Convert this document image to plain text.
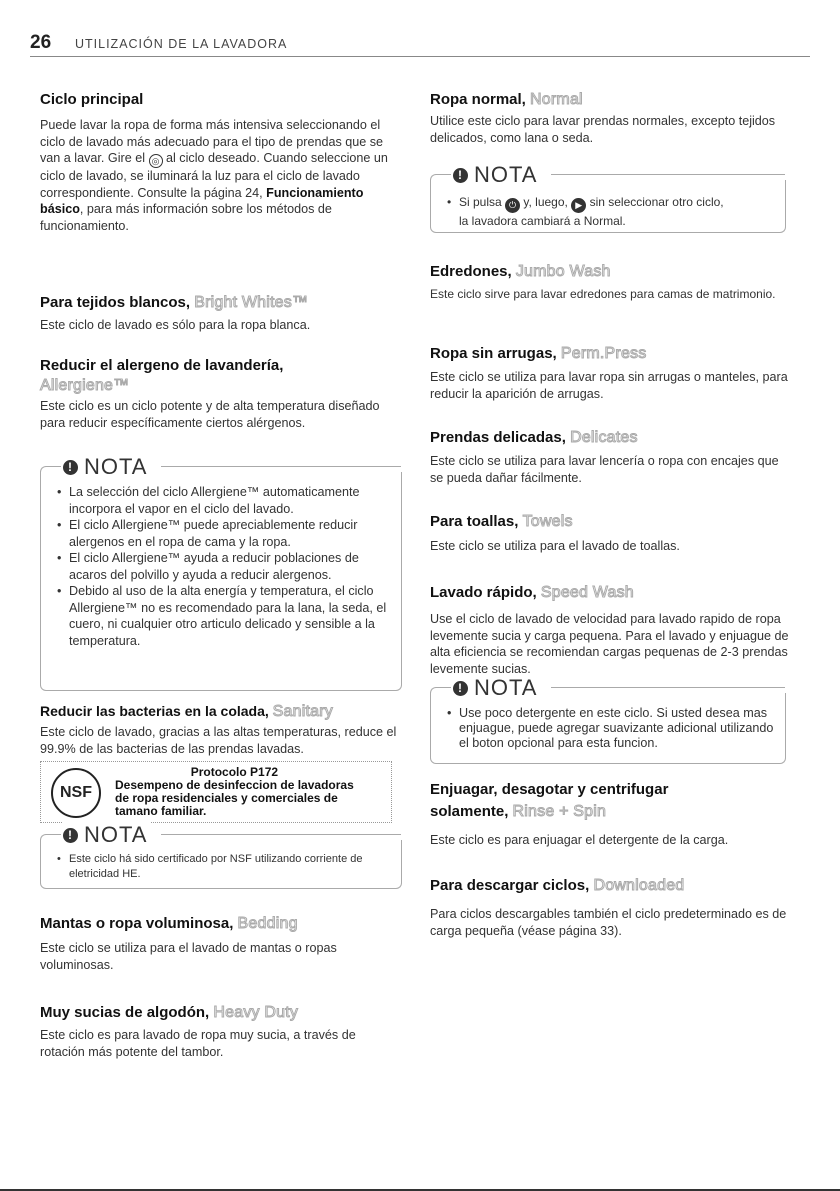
26 UTILIZACIÓN DE LA LAVADORA
Ciclo principal

Puede lavar la ropa de forma más intensiva seleccionando el ciclo de lavado más adecuado para el tipo de prendas que se van a lavar. Gire el ◎ al ciclo deseado. Cuando seleccione un ciclo de lavado, se iluminará la luz para el ciclo de lavado correspondiente. Consulte la página 24, Funcionamiento básico, para más información sobre los métodos de funcionamiento.

Para tejidos blancos, Bright Whites™

Este ciclo de lavado es sólo para la ropa blanca.

Reducir el alergeno de lavandería,
Allergiene™

Este ciclo es un ciclo potente y de alta temperatura diseñado para reducir específicamente ciertos alérgenos.

! NOTA
• La selección del ciclo Allergiene™ automaticamente incorpora el vapor en el ciclo del lavado.
• El ciclo Allergiene™ puede apreciablemente reducir alergenos en el ropa de cama y la ropa.
• El ciclo Allergiene™ ayuda a reducir poblaciones de acaros del polvillo y ayuda a reducir alergenos.
• Debido al uso de la alta energía y temperatura, el ciclo Allergiene™ no es recomendado para la lana, la seda, el cuero, ni cualquier otro articulo delicado y sensible a la temperatura.
Reducir las bacterias en la colada, Sanitary

Este ciclo de lavado, gracias a las altas temperaturas, reduce el 99.9% de las bacterias de las prendas lavadas.

NSF
Protocolo P172
Desempeno de desinfeccion de lavadoras
de ropa residenciales y comerciales de
tamano familiar.
! NOTA
• Este ciclo há sido certificado por NSF utilizando corriente de eletricidad HE.
Mantas o ropa voluminosa, Bedding

Este ciclo se utiliza para el lavado de mantas o ropas voluminosas.

Muy sucias de algodón, Heavy Duty

Este ciclo es para lavado de ropa muy sucia, a través de rotación más potente del tambor.

Ropa normal, Normal

Utilice este ciclo para lavar prendas normales, excepto tejidos delicados, como lana o seda.

! NOTA
• Si pulsa ⏻ y, luego, ▶ sin seleccionar otro ciclo,
la lavadora cambiará a Normal.
Edredones, Jumbo Wash

Este ciclo sirve para lavar edredones para camas de matrimonio.

Ropa sin arrugas, Perm.Press

Este ciclo se utiliza para lavar ropa sin arrugas o manteles, para reducir la aparición de arrugas.

Prendas delicadas, Delicates

Este ciclo se utiliza para lavar lencería o ropa con encajes que se pueda dañar fácilmente.

Para toallas, Towels

Este ciclo se utiliza para el lavado de toallas.

Lavado rápido, Speed Wash

Use el ciclo de lavado de velocidad para lavado rapido de ropa levemente sucia y carga pequena. Para el lavado y enjuague de alta eficiencia se recomiendan cargas pequenas de 2-3 prendas levemente sucias.

! NOTA
• Use poco detergente en este ciclo. Si usted desea mas enjuague, puede agregar suavizante adicional utilizando el boton opcional para esta funcion.
Enjuagar, desagotar y centrifugar
solamente, Rinse + Spin

Este ciclo es para enjuagar el detergente de la carga.

Para descargar ciclos, Downloaded

Para ciclos descargables también el ciclo predeterminado es de carga pequeña (véase página 33).
